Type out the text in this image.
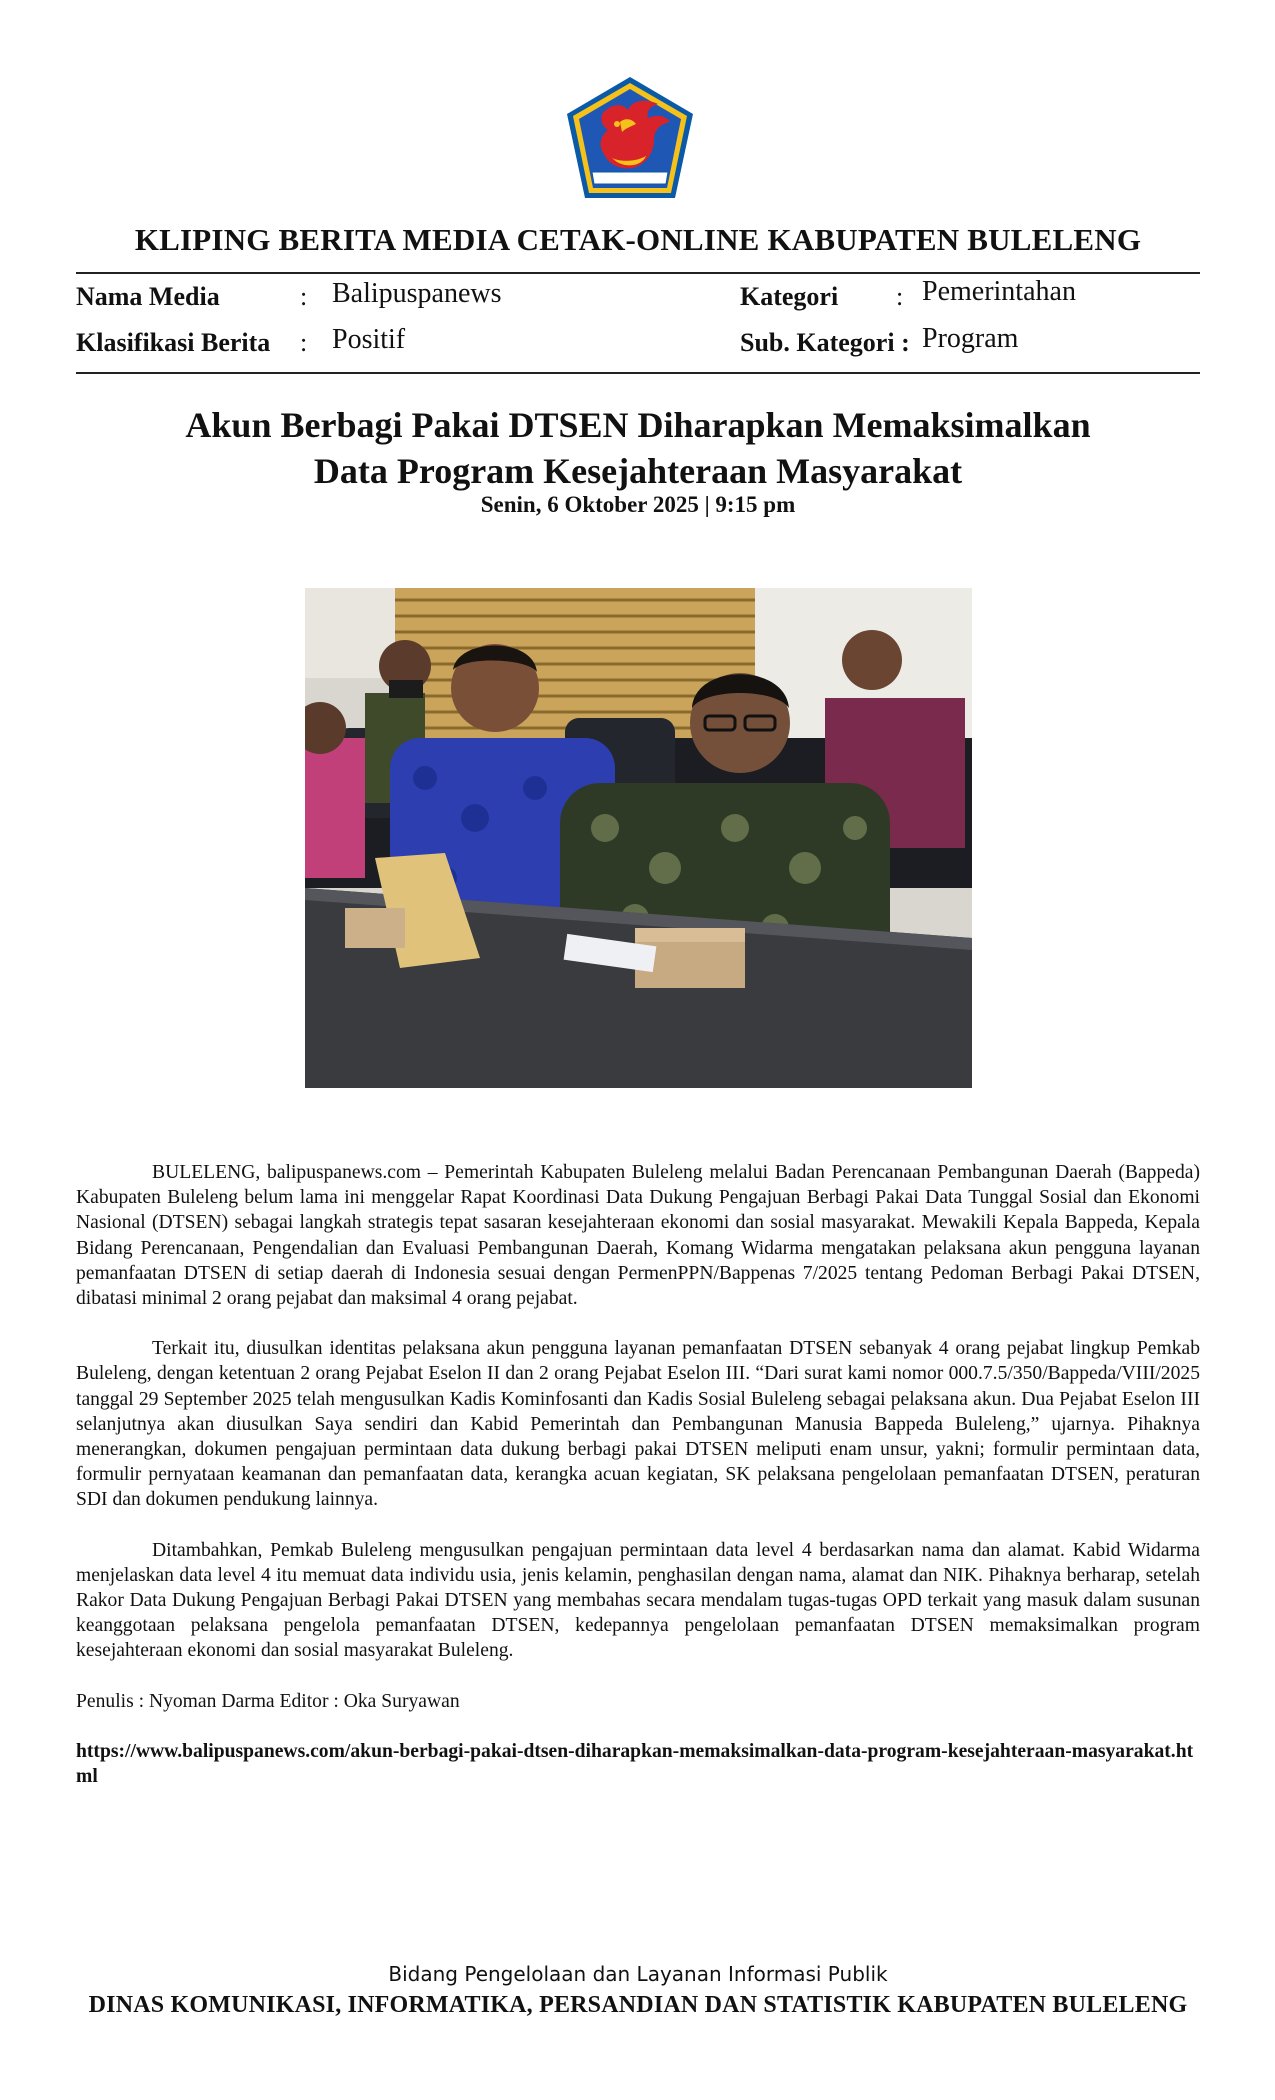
KLIPING BERITA MEDIA CETAK-ONLINE KABUPATEN BULELENG
Nama Media	: Balipuspanews	Kategori : Pemerintahan
Klasifikasi Berita : Positif	Sub. Kategori : Program
Akun Berbagi Pakai DTSEN Diharapkan Memaksimalkan
Data Program Kesejahteraan Masyarakat
Senin, 6 Oktober 2025 | 9:15 pm

BULELENG, balipuspanews.com – Pemerintah Kabupaten Buleleng melalui Badan Perencanaan Pembangunan Daerah (Bappeda) Kabupaten Buleleng belum lama ini menggelar Rapat Koordinasi Data Dukung Pengajuan Berbagi Pakai Data Tunggal Sosial dan Ekonomi Nasional (DTSEN) sebagai langkah strategis tepat sasaran kesejahteraan ekonomi dan sosial masyarakat. Mewakili Kepala Bappeda, Kepala Bidang Perencanaan, Pengendalian dan Evaluasi Pembangunan Daerah, Komang Widarma mengatakan pelaksana akun pengguna layanan pemanfaatan DTSEN di setiap daerah di Indonesia sesuai dengan PermenPPN/Bappenas 7/2025 tentang Pedoman Berbagi Pakai DTSEN, dibatasi minimal 2 orang pejabat dan maksimal 4 orang pejabat.

Terkait itu, diusulkan identitas pelaksana akun pengguna layanan pemanfaatan DTSEN sebanyak 4 orang pejabat lingkup Pemkab Buleleng, dengan ketentuan 2 orang Pejabat Eselon II dan 2 orang Pejabat Eselon III. “Dari surat kami nomor 000.7.5/350/Bappeda/VIII/2025 tanggal 29 September 2025 telah mengusulkan Kadis Kominfosanti dan Kadis Sosial Buleleng sebagai pelaksana akun. Dua Pejabat Eselon III selanjutnya akan diusulkan Saya sendiri dan Kabid Pemerintah dan Pembangunan Manusia Bappeda Buleleng,” ujarnya. Pihaknya menerangkan, dokumen pengajuan permintaan data dukung berbagi pakai DTSEN meliputi enam unsur, yakni; formulir permintaan data, formulir pernyataan keamanan dan pemanfaatan data, kerangka acuan kegiatan, SK pelaksana pengelolaan pemanfaatan DTSEN, peraturan SDI dan dokumen pendukung lainnya.

Ditambahkan, Pemkab Buleleng mengusulkan pengajuan permintaan data level 4 berdasarkan nama dan alamat. Kabid Widarma menjelaskan data level 4 itu memuat data individu usia, jenis kelamin, penghasilan dengan nama, alamat dan NIK. Pihaknya berharap, setelah Rakor Data Dukung Pengajuan Berbagi Pakai DTSEN yang membahas secara mendalam tugas-tugas OPD terkait yang masuk dalam susunan keanggotaan pelaksana pengelola pemanfaatan DTSEN, kedepannya pengelolaan pemanfaatan DTSEN memaksimalkan program kesejahteraan ekonomi dan sosial masyarakat Buleleng.

Penulis : Nyoman Darma Editor : Oka Suryawan

https://www.balipuspanews.com/akun-berbagi-pakai-dtsen-diharapkan-memaksimalkan-data-program-kesejahteraan-masyarakat.html

Bidang Pengelolaan dan Layanan Informasi Publik
DINAS KOMUNIKASI, INFORMATIKA, PERSANDIAN DAN STATISTIK KABUPATEN BULELENG
